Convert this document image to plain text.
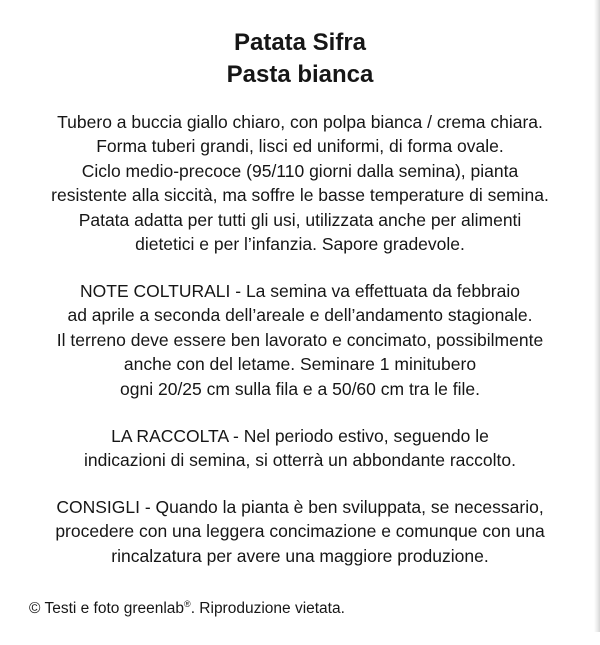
Patata Sifra
Pasta bianca

Tubero a buccia giallo chiaro, con polpa bianca / crema chiara.
Forma tuberi grandi, lisci ed uniformi, di forma ovale.
Ciclo medio-precoce (95/110 giorni dalla semina), pianta
resistente alla siccità, ma soffre le basse temperature di semina.
Patata adatta per tutti gli usi, utilizzata anche per alimenti
dietetici e per l’infanzia. Sapore gradevole.

NOTE COLTURALI - La semina va effettuata da febbraio
ad aprile a seconda dell’areale e dell’andamento stagionale.
Il terreno deve essere ben lavorato e concimato, possibilmente
anche con del letame. Seminare 1 minitubero
ogni 20/25 cm sulla fila e a 50/60 cm tra le file.

LA RACCOLTA - Nel periodo estivo, seguendo le
indicazioni di semina, si otterrà un abbondante raccolto.

CONSIGLI - Quando la pianta è ben sviluppata, se necessario,
procedere con una leggera concimazione e comunque con una
rincalzatura per avere una maggiore produzione.

© Testi e foto greenlab®. Riproduzione vietata.
